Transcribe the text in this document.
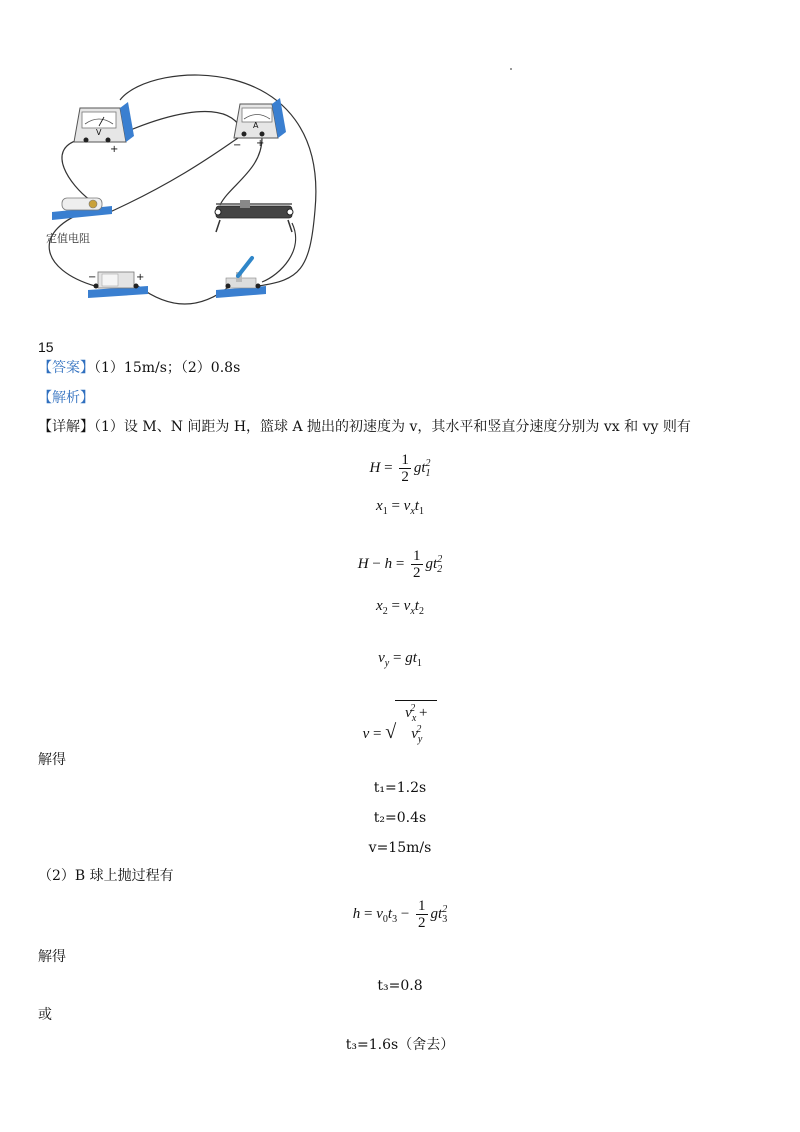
V
+
A
− +
定值电阻
−	+
15
【答案】（1）15m/s；（2）0.8s
【解析】
【详解】（1）设 M、N 间距为 H，篮球 A 抛出的初速度为 v，其水平和竖直分速度分别为 vx 和 vy 则有
$H = \frac{1}{2} gt_1^2$
$x_1 = v_xt_1$
$H - h = \frac{1}{2} gt_2^2$
$x_2 = v_xt_2$
$v_y = gt_1$
$v = √v_x^2 + v_y^2$
解得
t₁=1.2s
t₂=0.4s
v=15m/s
（2）B 球上抛过程有
$h = v_0t_3 - \frac{1}{2} gt_3^2$
解得
t₃=0.8
或
t₃=1.6s（舍去）
